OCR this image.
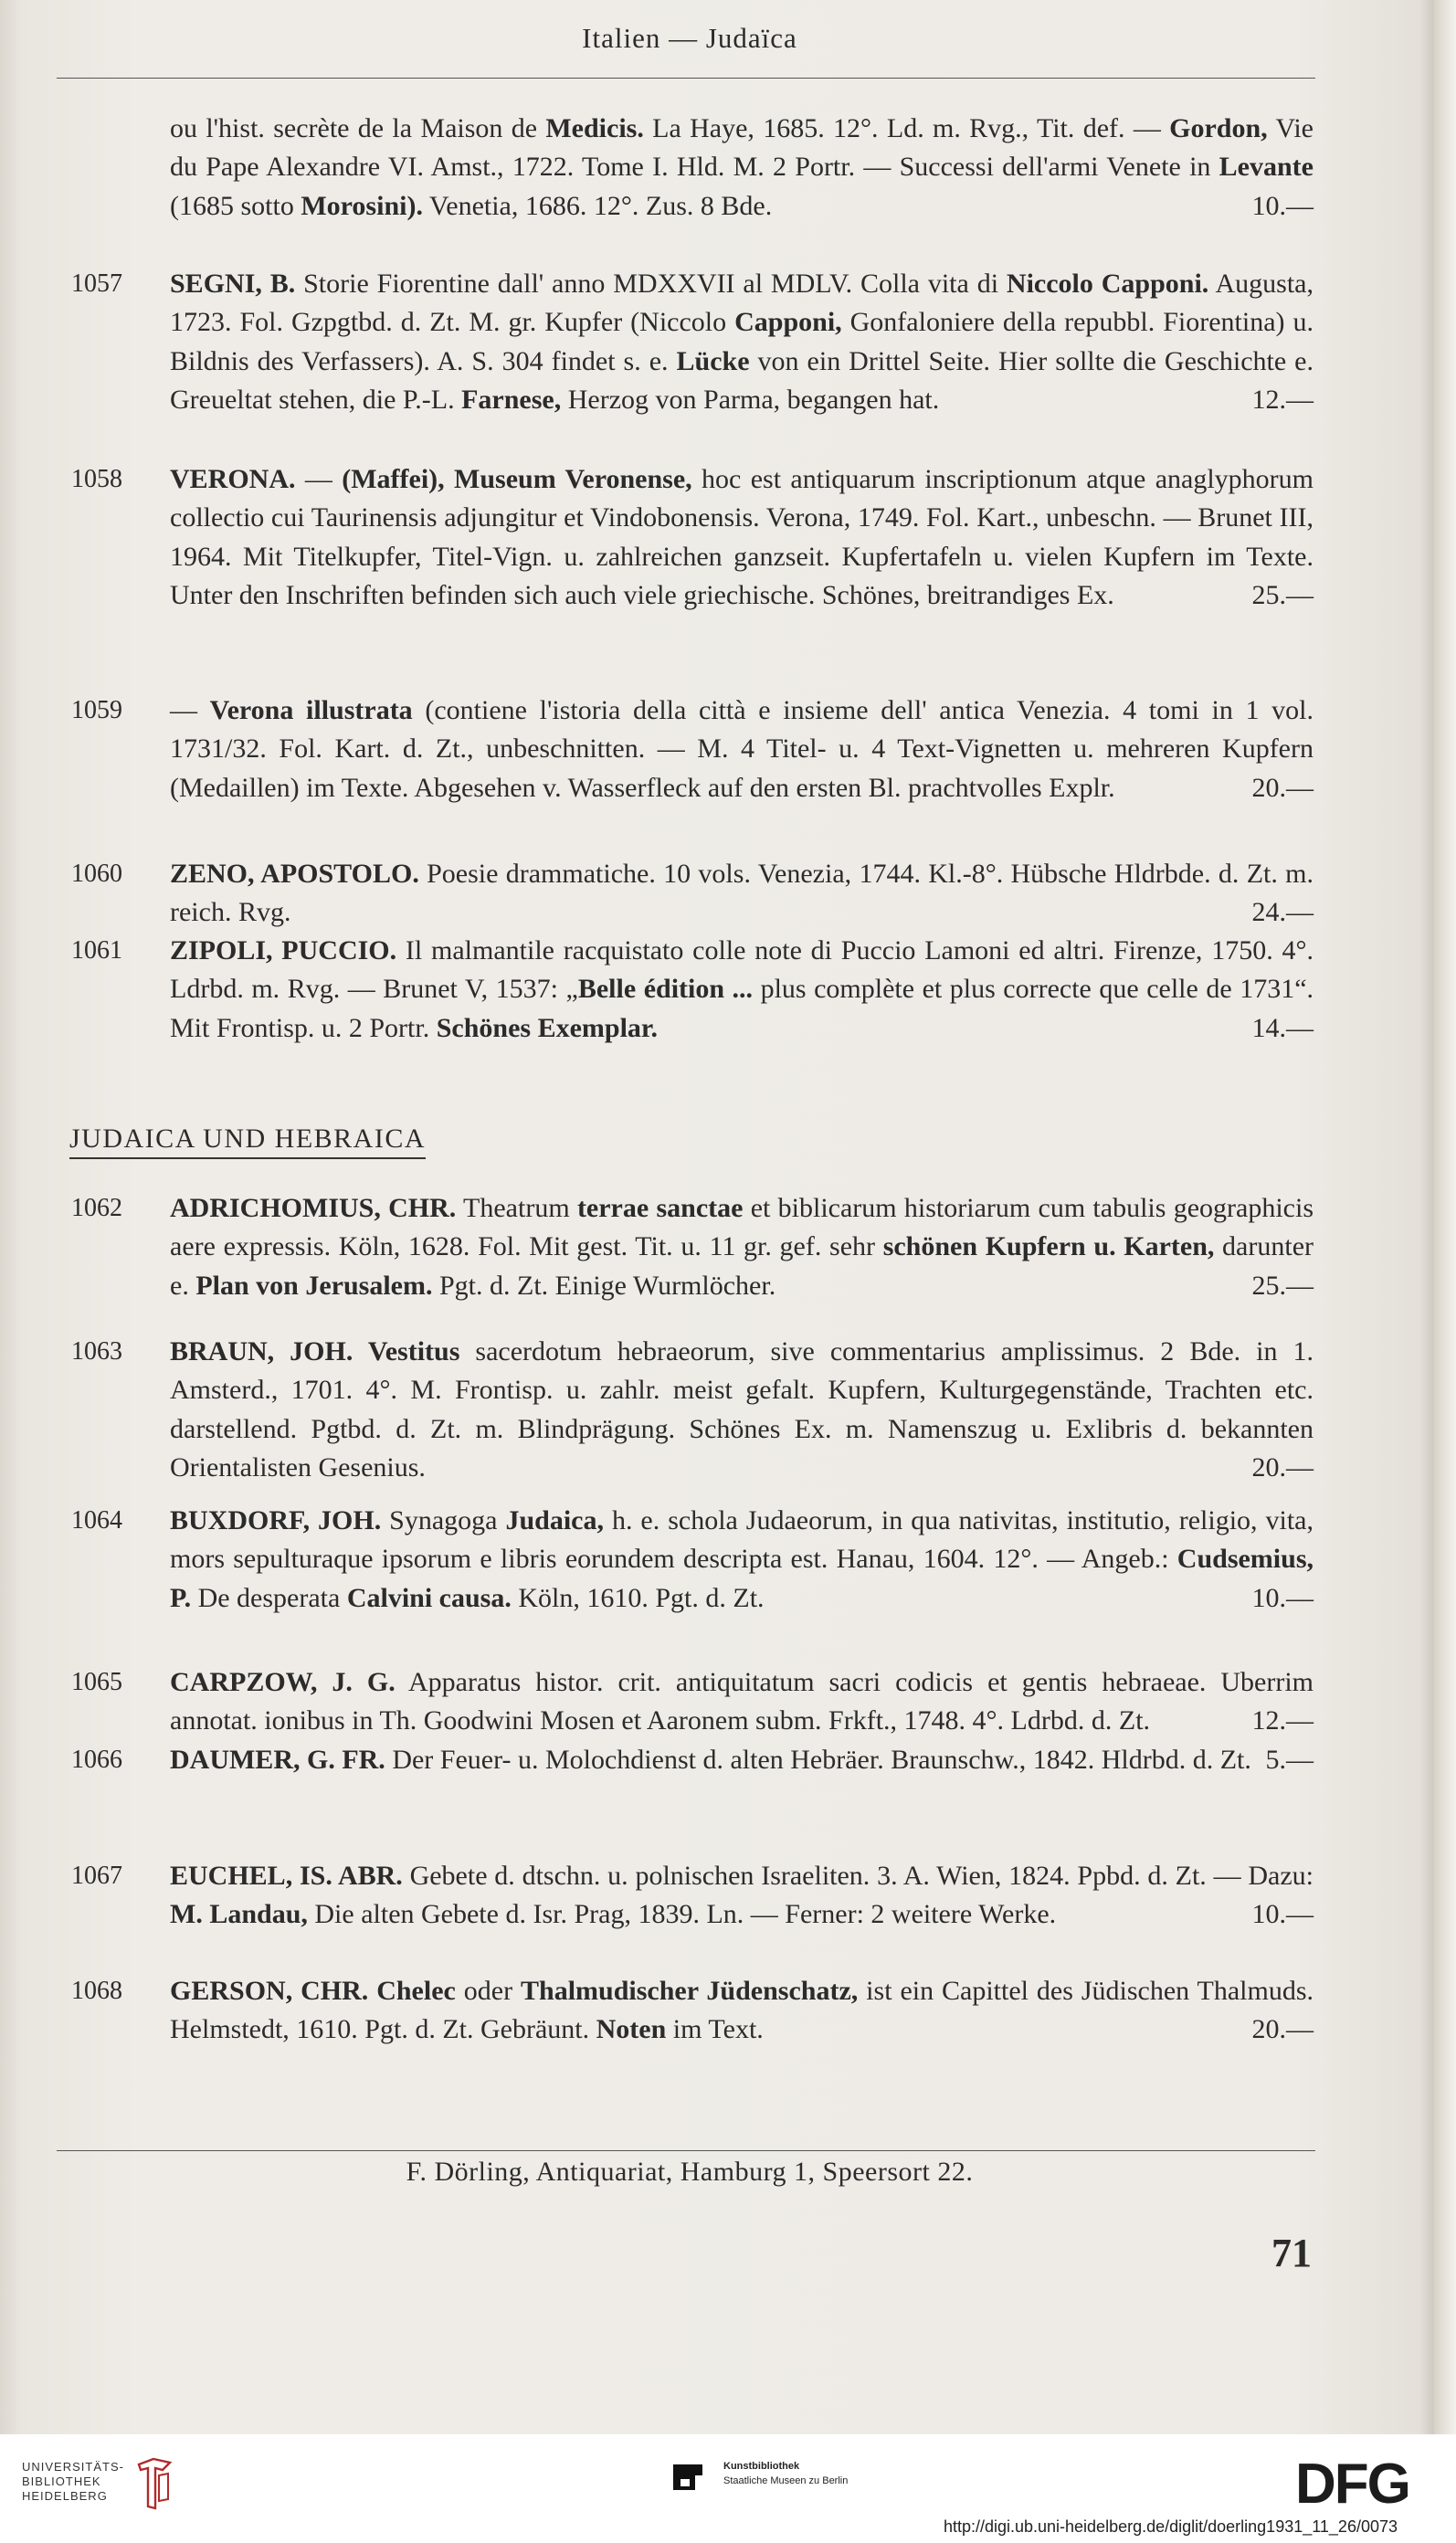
Italien — Judaïca
ou l'hist. secrète de la Maison de Medicis. La Haye, 1685. 12°. Ld. m. Rvg., Tit. def. — Gordon, Vie du Pape Alexandre VI. Amst., 1722. Tome I. Hld. M. 2 Portr. — Successi dell'armi Venete in Levante (1685 sotto Morosini). Venetia, 1686. 12°. Zus. 8 Bde.	10.—
1057	SEGNI, B. Storie Fiorentine dall' anno MDXXVII al MDLV. Colla vita di Niccolo Capponi. Augusta, 1723. Fol. Gzpgtbd. d. Zt. M. gr. Kupfer (Niccolo Capponi, Gonfaloniere della repubbl. Fiorentina) u. Bildnis des Verfassers). A. S. 304 findet s. e. Lücke von ein Drittel Seite. Hier sollte die Geschichte e. Greueltat stehen, die P.-L. Farnese, Herzog von Parma, begangen hat.	12.—
1058	VERONA. — (Maffei), Museum Veronense, hoc est antiquarum inscriptionum atque anaglyphorum collectio cui Taurinensis adjungitur et Vindobonensis. Verona, 1749. Fol. Kart., unbeschn. — Brunet III, 1964. Mit Titelkupfer, Titel-Vign. u. zahlreichen ganzseit. Kupfertafeln u. vielen Kupfern im Texte. Unter den Inschriften befinden sich auch viele griechische. Schönes, breitrandiges Ex.	25.—
1059	— Verona illustrata (contiene l'istoria della città e insieme dell' antica Venezia. 4 tomi in 1 vol. 1731/32. Fol. Kart. d. Zt., unbeschnitten. — M. 4 Titel- u. 4 Text-Vignetten u. mehreren Kupfern (Medaillen) im Texte. Abgesehen v. Wasserfleck auf den ersten Bl. prachtvolles Explr.	20.—
1060	ZENO, APOSTOLO. Poesie drammatiche. 10 vols. Venezia, 1744. Kl.-8°. Hübsche Hldrbde. d. Zt. m. reich. Rvg.	24.—
1061	ZIPOLI, PUCCIO. Il malmantile racquistato colle note di Puccio Lamoni ed altri. Firenze, 1750. 4°. Ldrbd. m. Rvg. — Brunet V, 1537: „Belle édition ... plus complète et plus correcte que celle de 1731“. Mit Frontisp. u. 2 Portr. Schönes Exemplar.	14.—
1062	ADRICHOMIUS, CHR. Theatrum terrae sanctae et biblicarum historiarum cum tabulis geographicis aere expressis. Köln, 1628. Fol. Mit gest. Tit. u. 11 gr. gef. sehr schönen Kupfern u. Karten, darunter e. Plan von Jerusalem. Pgt. d. Zt. Einige Wurmlöcher.	25.—
1063	BRAUN, JOH. Vestitus sacerdotum hebraeorum, sive commentarius amplissimus. 2 Bde. in 1. Amsterd., 1701. 4°. M. Frontisp. u. zahlr. meist gefalt. Kupfern, Kulturgegenstände, Trachten etc. darstellend. Pgtbd. d. Zt. m. Blindprägung. Schönes Ex. m. Namenszug u. Exlibris d. bekannten Orientalisten Gesenius.	20.—
1064	BUXDORF, JOH. Synagoga Judaica, h. e. schola Judaeorum, in qua nativitas, institutio, religio, vita, mors sepulturaque ipsorum e libris eorundem descripta est. Hanau, 1604. 12°. — Angeb.: Cudsemius, P. De desperata Calvini causa. Köln, 1610. Pgt. d. Zt.	10.—
1065	CARPZOW, J. G. Apparatus histor. crit. antiquitatum sacri codicis et gentis hebraeae. Uberrim annotat. ionibus in Th. Goodwini Mosen et Aaronem subm. Frkft., 1748. 4°. Ldrbd. d. Zt.	12.—
1066	DAUMER, G. FR. Der Feuer- u. Molochdienst d. alten Hebräer. Braunschw., 1842. Hldrbd. d. Zt. 5.—
1067	EUCHEL, IS. ABR. Gebete d. dtschn. u. polnischen Israeliten. 3. A. Wien, 1824. Ppbd. d. Zt. — Dazu: M. Landau, Die alten Gebete d. Isr. Prag, 1839. Ln. — Ferner: 2 weitere Werke.	10.—
1068	GERSON, CHR. Chelec oder Thalmudischer Jüdenschatz, ist ein Capittel des Jüdischen Thalmuds. Helmstedt, 1610. Pgt. d. Zt. Gebräunt. Noten im Text.	20.—
JUDAICA UND HEBRAICA
F. Dörling, Antiquariat, Hamburg 1, Speersort 22.
71
UNIVERSITÄTS-
BIBLIOTHEK
HEIDELBERG
Kunstbibliothek
Staatliche Museen zu Berlin	DFG
http://digi.ub.uni-heidelberg.de/diglit/doerling1931_11_26/0073
